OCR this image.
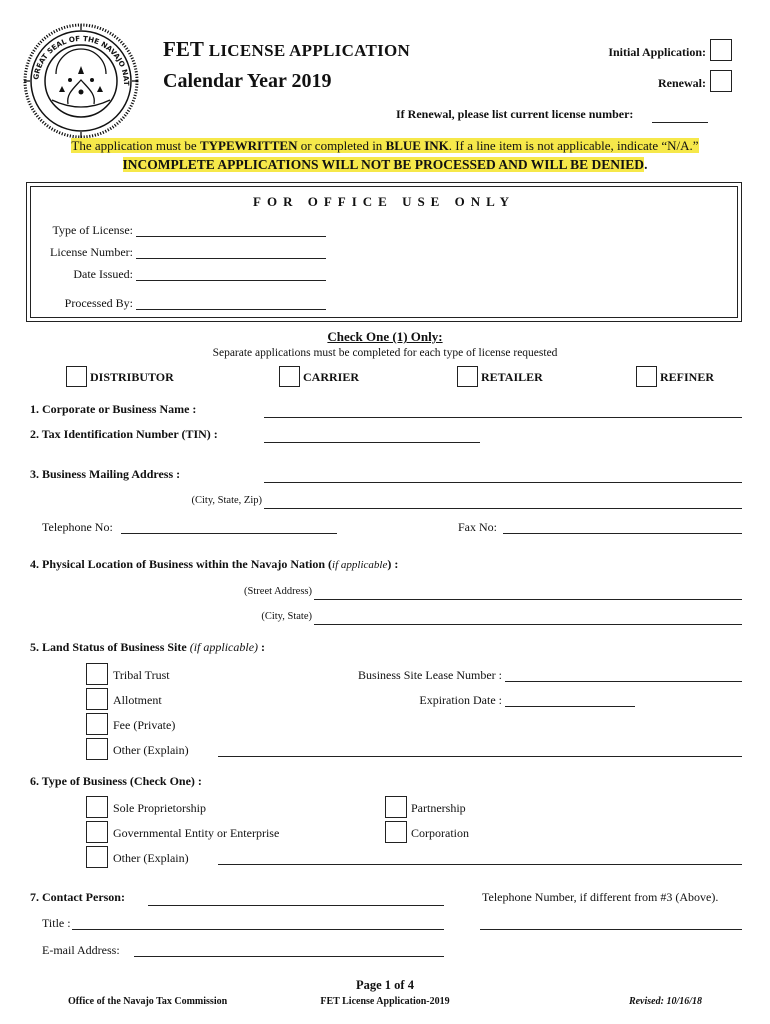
GREAT SEAL OF THE NAVAJO NAT
FET LICENSE APPLICATION
Calendar Year 2019
Initial Application:
Renewal:
If Renewal, please list current license number:
The application must be TYPEWRITTEN or completed in BLUE INK. If a line item is not applicable, indicate “N/A.”
INCOMPLETE APPLICATIONS WILL NOT BE PROCESSED AND WILL BE DENIED.
FOR OFFICE USE ONLY
Type of License:
License Number:
Date Issued:
Processed By:
Check One (1) Only:
Separate applications must be completed for each type of license requested
DISTRIBUTOR	CARRIER	RETAILER	REFINER
1. Corporate or Business Name :
2. Tax Identification Number (TIN) :
3. Business Mailing Address :
(City, State, Zip)
Telephone No:	Fax No:
4. Physical Location of Business within the Navajo Nation (if applicable) :
(Street Address)
(City, State)
5. Land Status of Business Site (if applicable) :
Tribal Trust
Allotment
Fee (Private)
Other (Explain)
Business Site Lease Number :
Expiration Date :
6. Type of Business (Check One) :
Sole Proprietorship
Governmental Entity or Enterprise
Other (Explain)
Partnership
Corporation
7. Contact Person:	Telephone Number, if different from #3 (Above).
Title :
E-mail Address:
Page 1 of 4
Office of the Navajo Tax Commission	FET License Application-2019	Revised: 10/16/18
